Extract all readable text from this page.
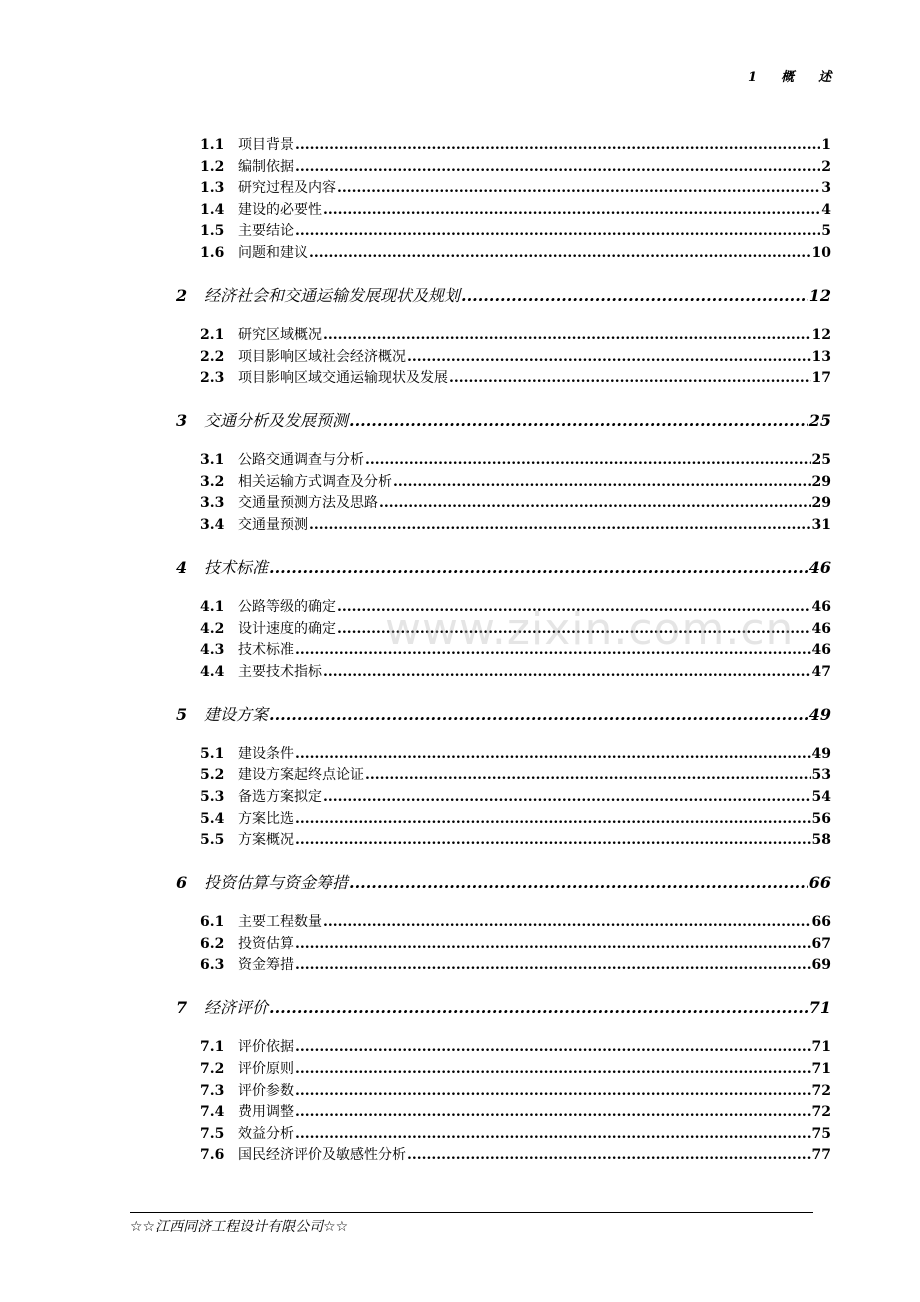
1 概 述
1.1 项目背景 .....	1
1.2 编制依据 .....	2
1.3 研究过程及内容 .....	3
1.4 建设的必要性 .....	4
1.5 主要结论 .....	5
1.6 问题和建议 .....	10
2	经济社会和交通运输发展现状及规划 .....	12
2.1 研究区域概况 .....	12
2.2 项目影响区域社会经济概况 .....	13
2.3 项目影响区域交通运输现状及发展 .....	17
3	交通分析及发展预测 .....	25
3.1 公路交通调查与分析 .....	25
3.2 相关运输方式调查及分析 .....	29
3.3 交通量预测方法及思路 .....	29
3.4 交通量预测 .....	31
4	技术标准 .....	46
4.1 公路等级的确定 .....	46
4.2 设计速度的确定 .....	46
4.3 技术标准 .....	46
4.4 主要技术指标 .....	47
5	建设方案 .....	49
5.1 建设条件 .....	49
5.2 建设方案起终点论证 .....	53
5.3 备选方案拟定 .....	54
5.4 方案比选 .....	56
5.5 方案概况 .....	58
6	投资估算与资金筹措 .....	66
6.1 主要工程数量 .....	66
6.2 投资估算 .....	67
6.3 资金筹措 .....	69
7	经济评价 .....	71
7.1 评价依据 .....	71
7.2 评价原则 .....	71
7.3 评价参数 .....	72
7.4 费用调整 .....	72
7.5 效益分析 .....	75
7.6 国民经济评价及敏感性分析 .....	77
www.zixin.com.cn
☆☆江西同济工程设计有限公司☆☆
